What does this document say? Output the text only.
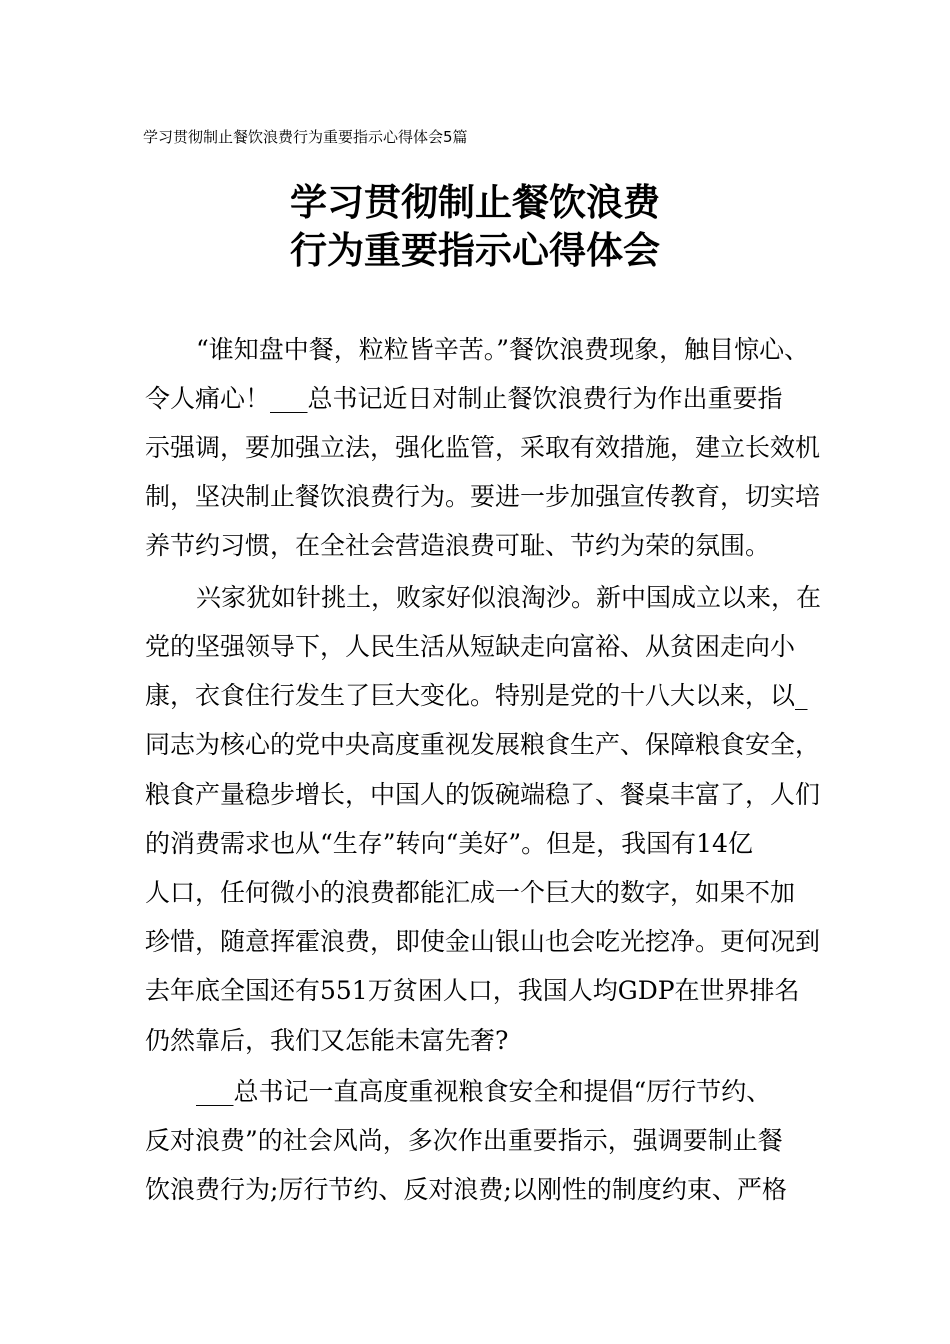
学习贯彻制止餐饮浪费行为重要指示心得体会5篇
学习贯彻制止餐饮浪费
行为重要指示心得体会
“谁知盘中餐，粒粒皆辛苦。”餐饮浪费现象，触目惊心、
令人痛心！___总书记近日对制止餐饮浪费行为作出重要指
示强调，要加强立法，强化监管，采取有效措施，建立长效机
制，坚决制止餐饮浪费行为。要进一步加强宣传教育，切实培
养节约习惯，在全社会营造浪费可耻、节约为荣的氛围。
兴家犹如针挑土，败家好似浪淘沙。新中国成立以来，在
党的坚强领导下，人民生活从短缺走向富裕、从贫困走向小
康，衣食住行发生了巨大变化。特别是党的十八大以来，以_
同志为核心的党中央高度重视发展粮食生产、保障粮食安全，
粮食产量稳步增长，中国人的饭碗端稳了、餐桌丰富了，人们
的消费需求也从“生存”转向“美好”。但是，我国有14亿
人口，任何微小的浪费都能汇成一个巨大的数字，如果不加
珍惜，随意挥霍浪费，即使金山银山也会吃光挖净。更何况到
去年底全国还有551万贫困人口，我国人均GDP在世界排名
仍然靠后，我们又怎能未富先奢?
___总书记一直高度重视粮食安全和提倡“厉行节约、
反对浪费”的社会风尚，多次作出重要指示，强调要制止餐
饮浪费行为;厉行节约、反对浪费;以刚性的制度约束、严格
